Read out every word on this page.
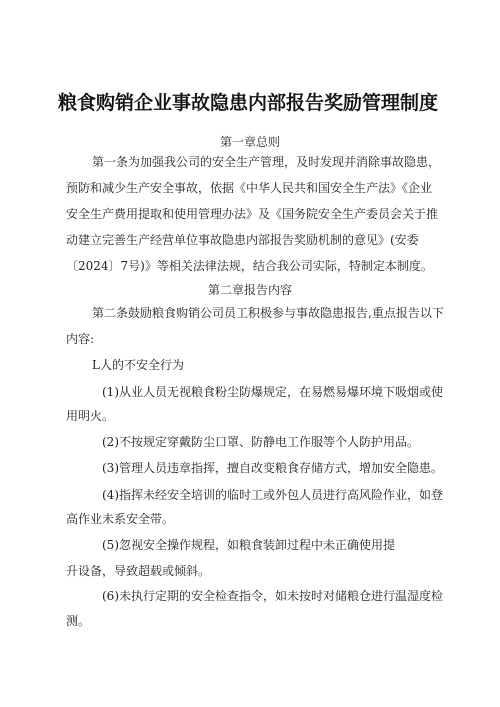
粮食购销企业事故隐患内部报告奖励管理制度
第一章总则
第一条为加强我公司的安全生产管理，及时发现并消除事故隐患，
预防和减少生产安全事故，依据《中华人民共和国安全生产法》《企业
安全生产费用提取和使用管理办法》及《国务院安全生产委员会关于推
动建立完善生产经营单位事故隐患内部报告奖励机制的意见》(安委
〔2024〕7号)》等相关法律法规，结合我公司实际，特制定本制度。
第二章报告内容
第二条鼓励粮食购销公司员工积极参与事故隐患报告,重点报告以下
内容:
L人的不安全行为
(1)从业人员无视粮食粉尘防爆规定，在易燃易爆环境下吸烟或使
用明火。
(2)不按规定穿戴防尘口罩、防静电工作服等个人防护用品。
(3)管理人员违章指挥，擅自改变粮食存储方式，增加安全隐患。
(4)指挥未经安全培训的临时工或外包人员进行高风险作业，如登
高作业未系安全带。
(5)忽视安全操作规程，如粮食装卸过程中未正确使用提
升设备，导致超载或倾斜。
(6)未执行定期的安全检查指令，如未按时对储粮仓进行温湿度检
测。
